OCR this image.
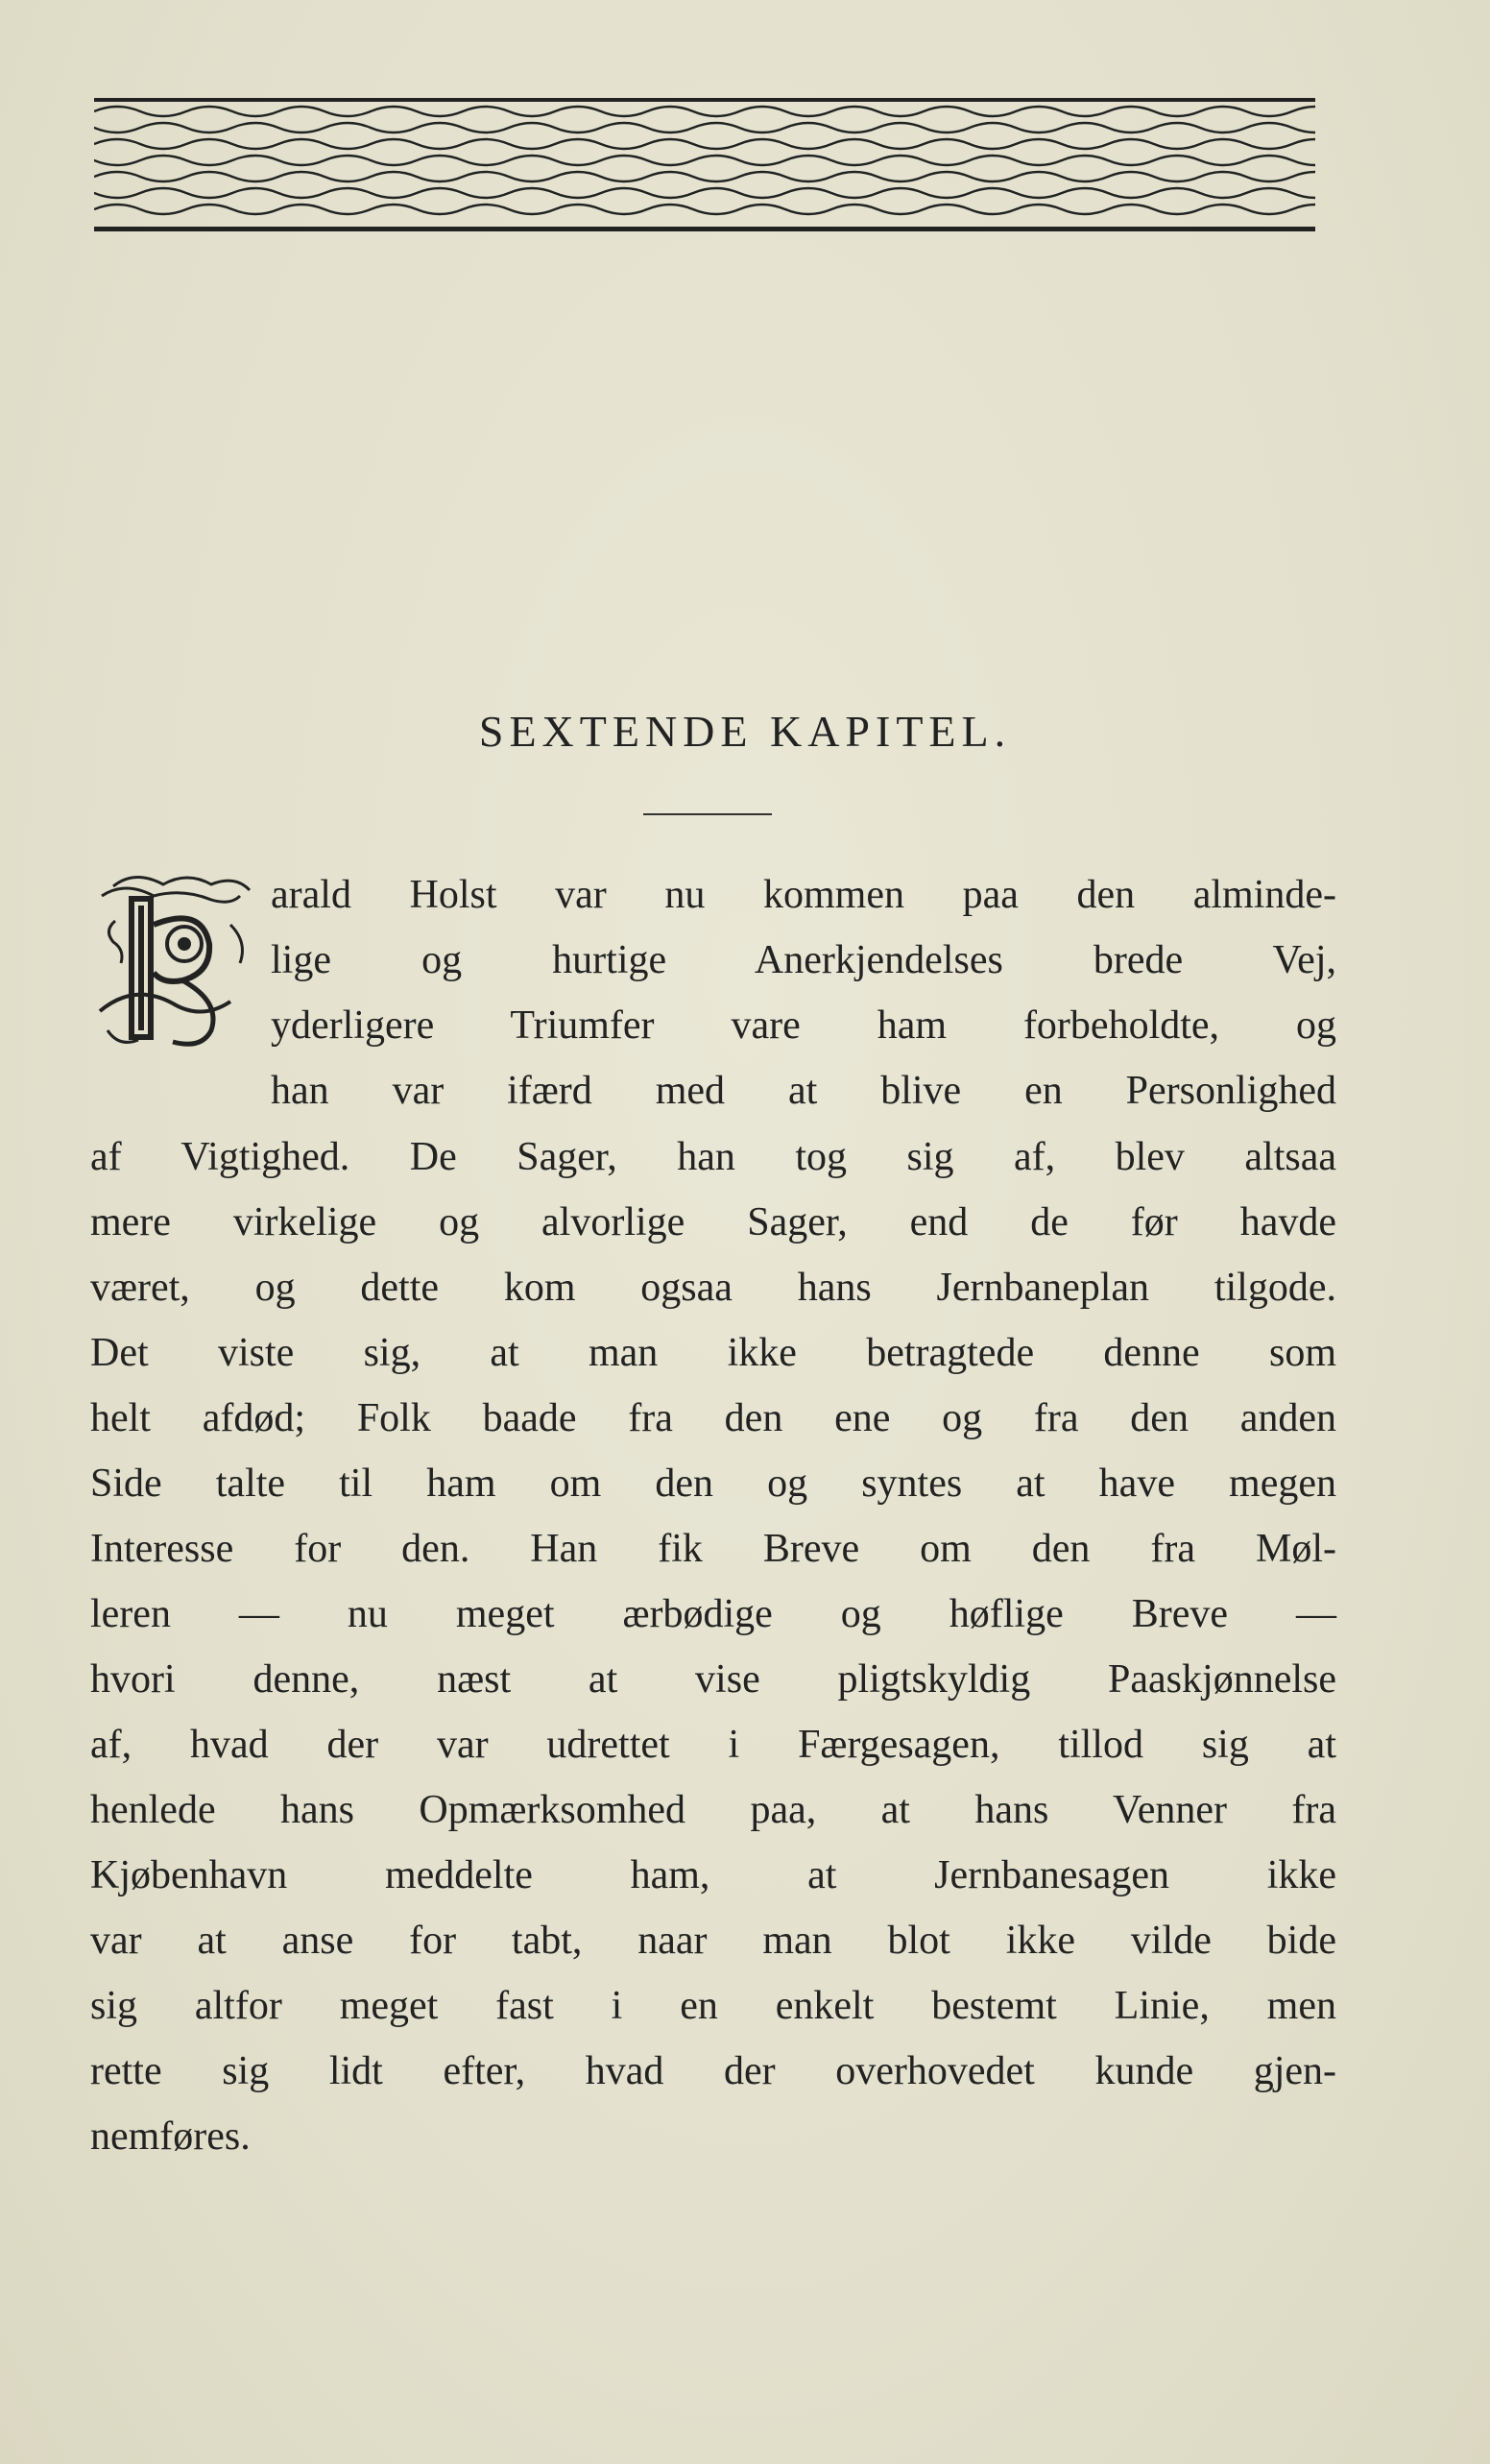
SEXTENDE KAPITEL.
arald Holst var nu kommen paa den alminde-
lige og hurtige Anerkjendelses brede Vej,
yderligere Triumfer vare ham forbeholdte, og
han var ifærd med at blive en Personlighed
af Vigtighed. De Sager, han tog sig af, blev altsaa
mere virkelige og alvorlige Sager, end de før havde
været, og dette kom ogsaa hans Jernbaneplan tilgode.
Det viste sig, at man ikke betragtede denne som
helt afdød; Folk baade fra den ene og fra den anden
Side talte til ham om den og syntes at have megen
Interesse for den. Han fik Breve om den fra Møl-
leren — nu meget ærbødige og høflige Breve —
hvori denne, næst at vise pligtskyldig Paaskjønnelse
af, hvad der var udrettet i Færgesagen, tillod sig at
henlede hans Opmærksomhed paa, at hans Venner fra
Kjøbenhavn meddelte ham, at Jernbanesagen ikke
var at anse for tabt, naar man blot ikke vilde bide
sig altfor meget fast i en enkelt bestemt Linie, men
rette sig lidt efter, hvad der overhovedet kunde gjen-
nemføres.
